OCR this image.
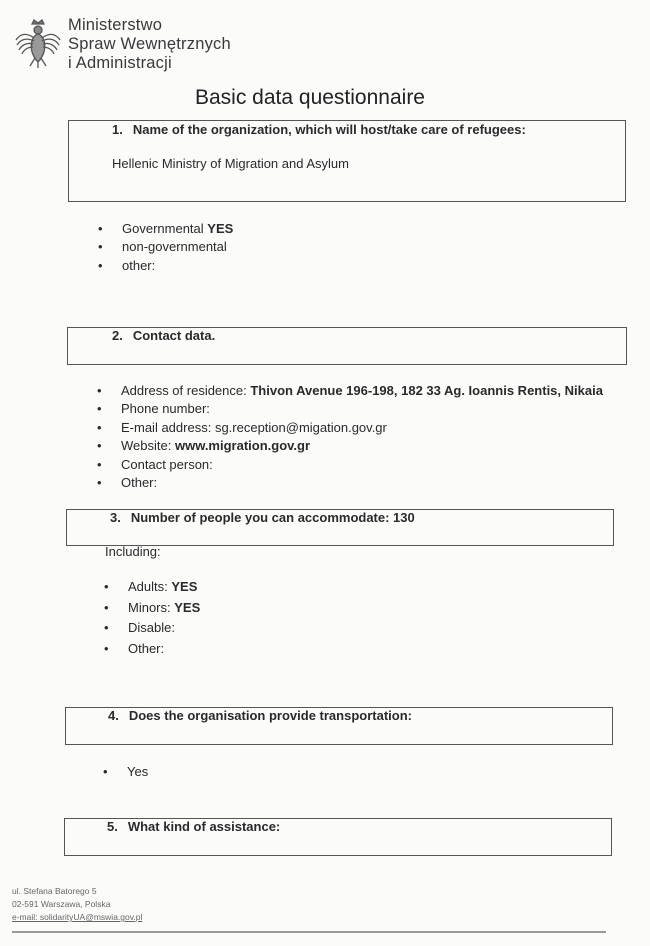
Ministerstwo
Spraw Wewnętrznych
i Administracji
Basic data questionnaire
1. Name of the organization, which will host/take care of refugees:
Hellenic Ministry of Migration and Asylum
• Governmental YES
• non-governmental
• other:
2. Contact data.
• Address of residence: Thivon Avenue 196-198, 182 33 Ag. Ioannis Rentis, Nikaia
• Phone number:
• E-mail address: sg.reception@migation.gov.gr
• Website: www.migration.gov.gr
• Contact person:
• Other:
3. Number of people you can accommodate: 130
Including:
• Adults: YES
• Minors: YES
• Disable:
• Other:
4. Does the organisation provide transportation:
• Yes
5. What kind of assistance:
ul. Stefana Batorego 5
02-591 Warszawa, Polska
e-mail: solidarityUA@mswia.gov.pl
